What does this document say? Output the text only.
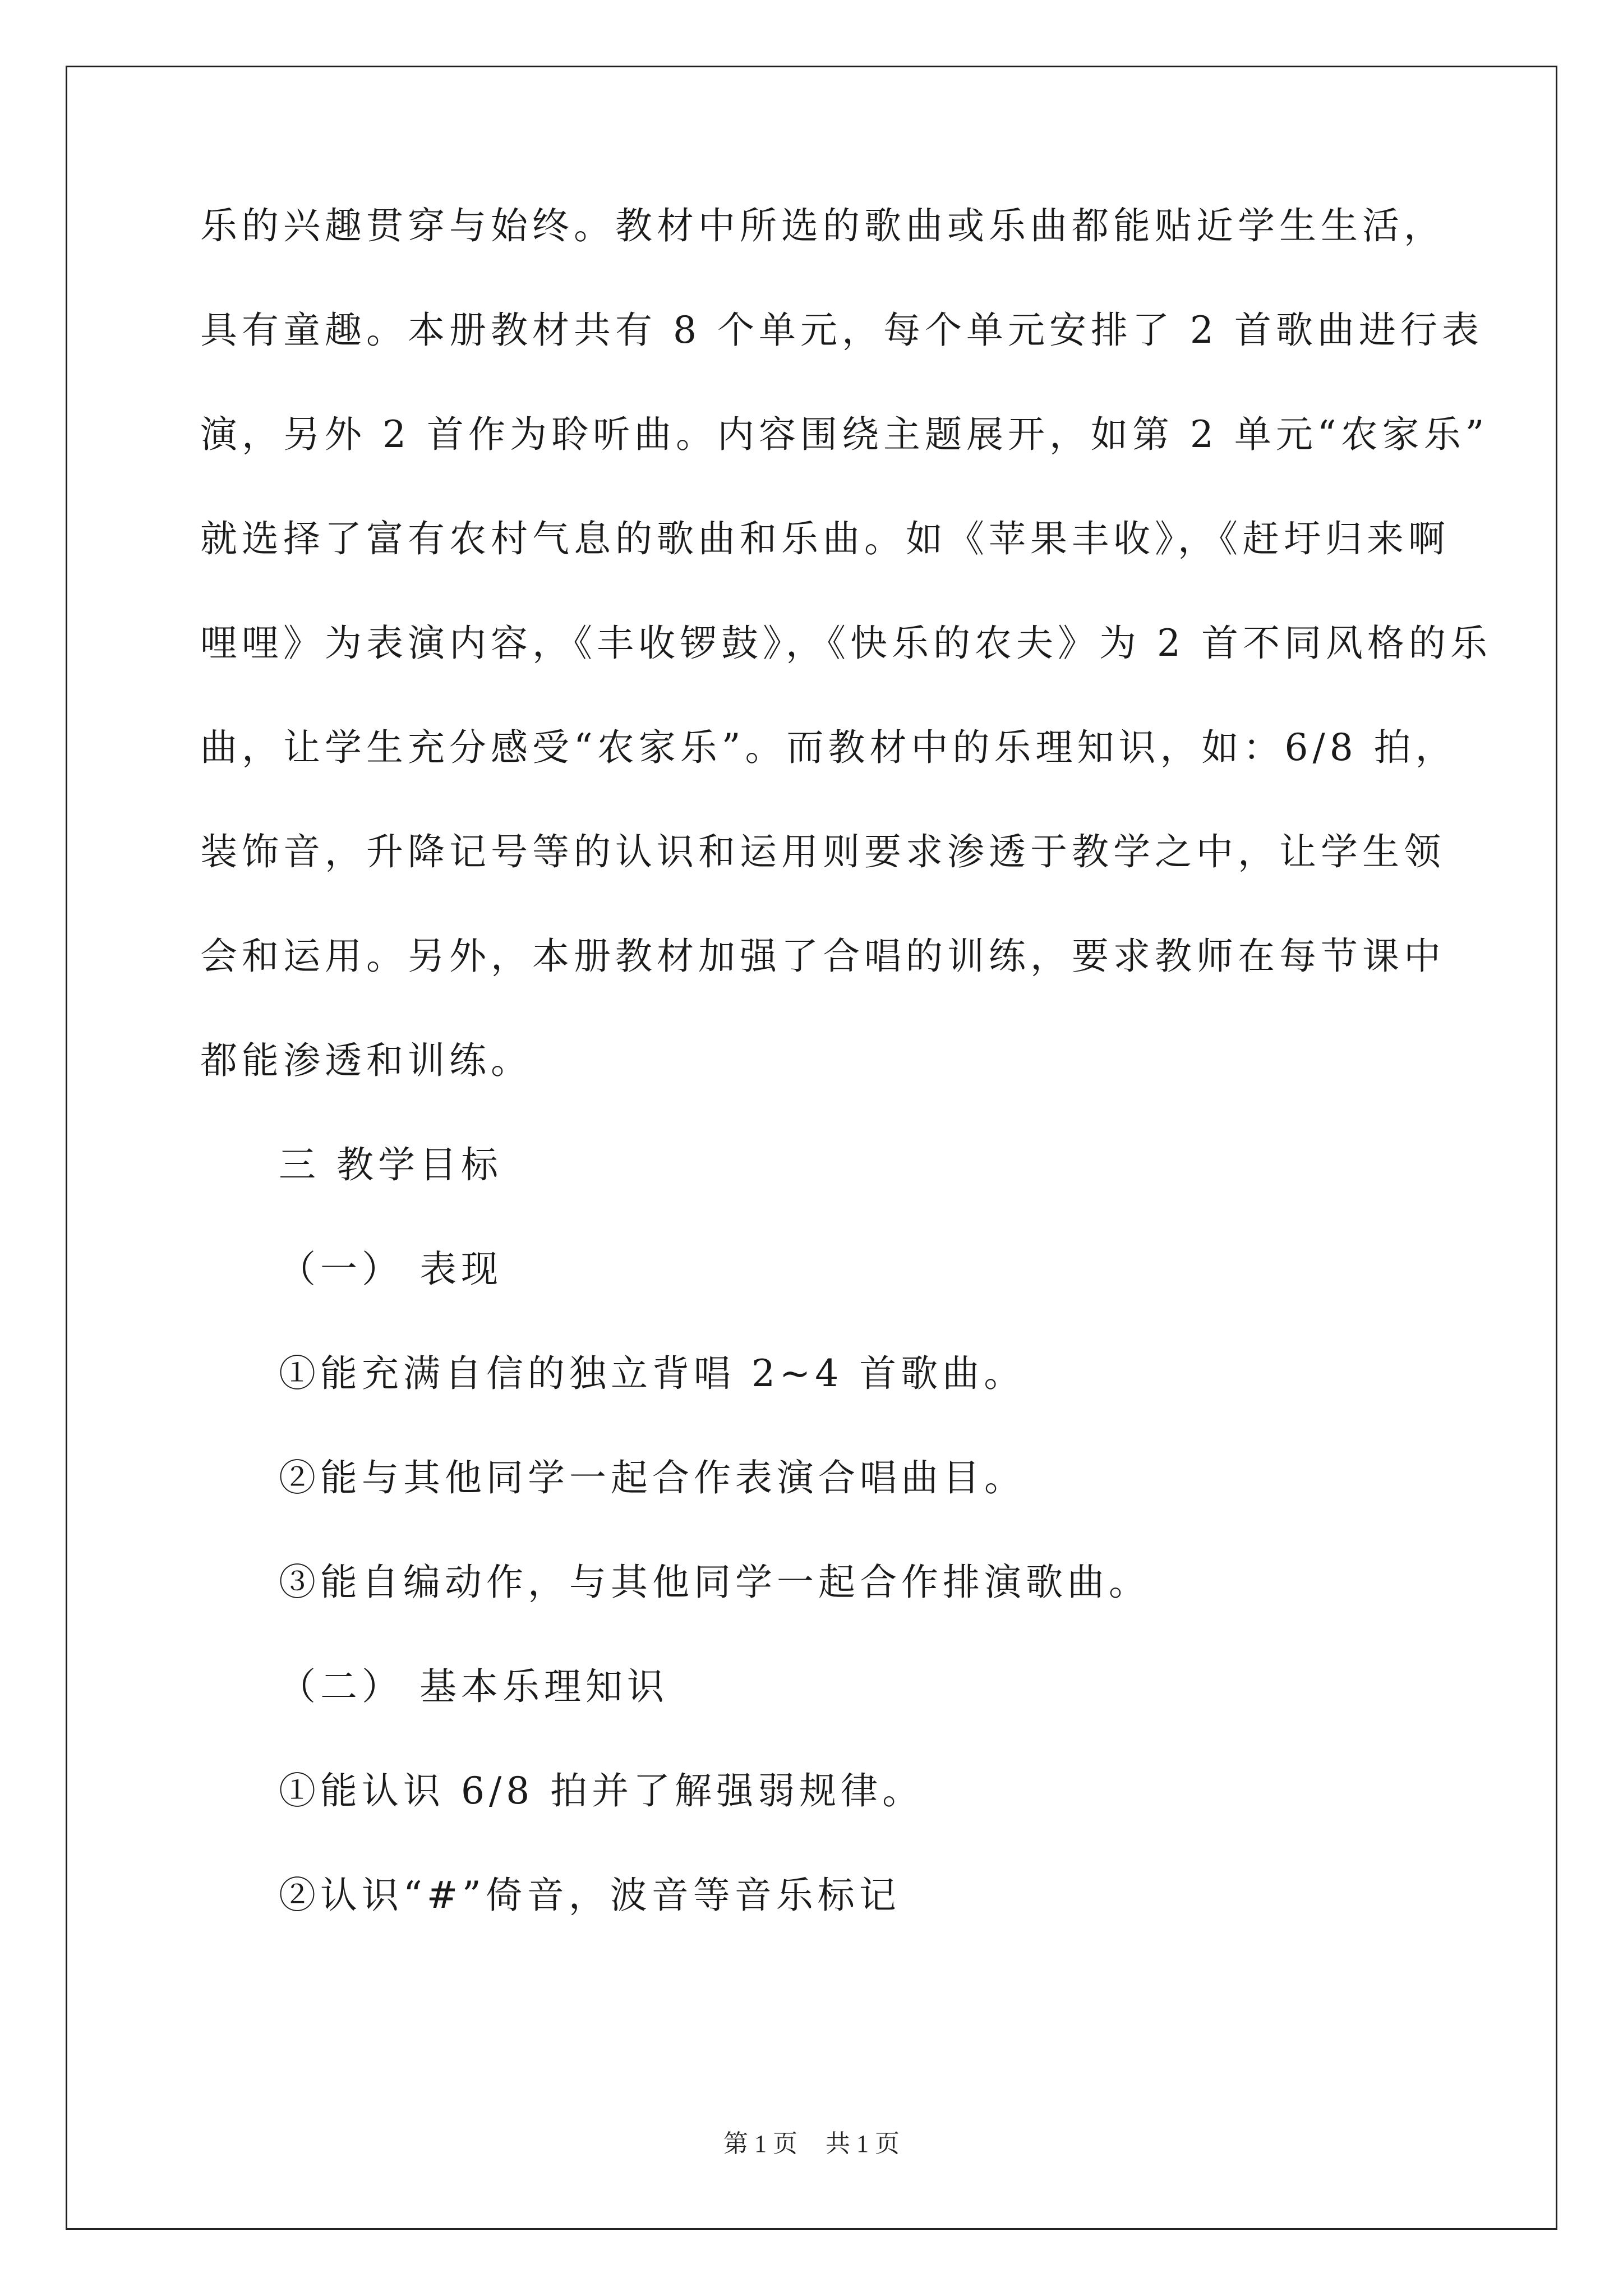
乐的兴趣贯穿与始终。教材中所选的歌曲或乐曲都能贴近学生生活，
具有童趣。本册教材共有 8 个单元，每个单元安排了 2 首歌曲进行表
演，另外 2 首作为聆听曲。内容围绕主题展开，如第 2 单元“农家乐”
就选择了富有农村气息的歌曲和乐曲。如《苹果丰收》，《赶圩归来啊
哩哩》为表演内容，《丰收锣鼓》，《快乐的农夫》为 2 首不同风格的乐
曲，让学生充分感受“农家乐”。而教材中的乐理知识，如：6/8 拍，
装饰音，升降记号等的认识和运用则要求渗透于教学之中，让学生领
会和运用。另外，本册教材加强了合唱的训练，要求教师在每节课中
都能渗透和训练。
三 教学目标
（一） 表现
①能充满自信的独立背唱 2~4 首歌曲。
②能与其他同学一起合作表演合唱曲目。
③能自编动作，与其他同学一起合作排演歌曲。
（二） 基本乐理知识
①能认识 6/8 拍并了解强弱规律。
②认识“#”倚音，波音等音乐标记
第 1 页 共 1 页
